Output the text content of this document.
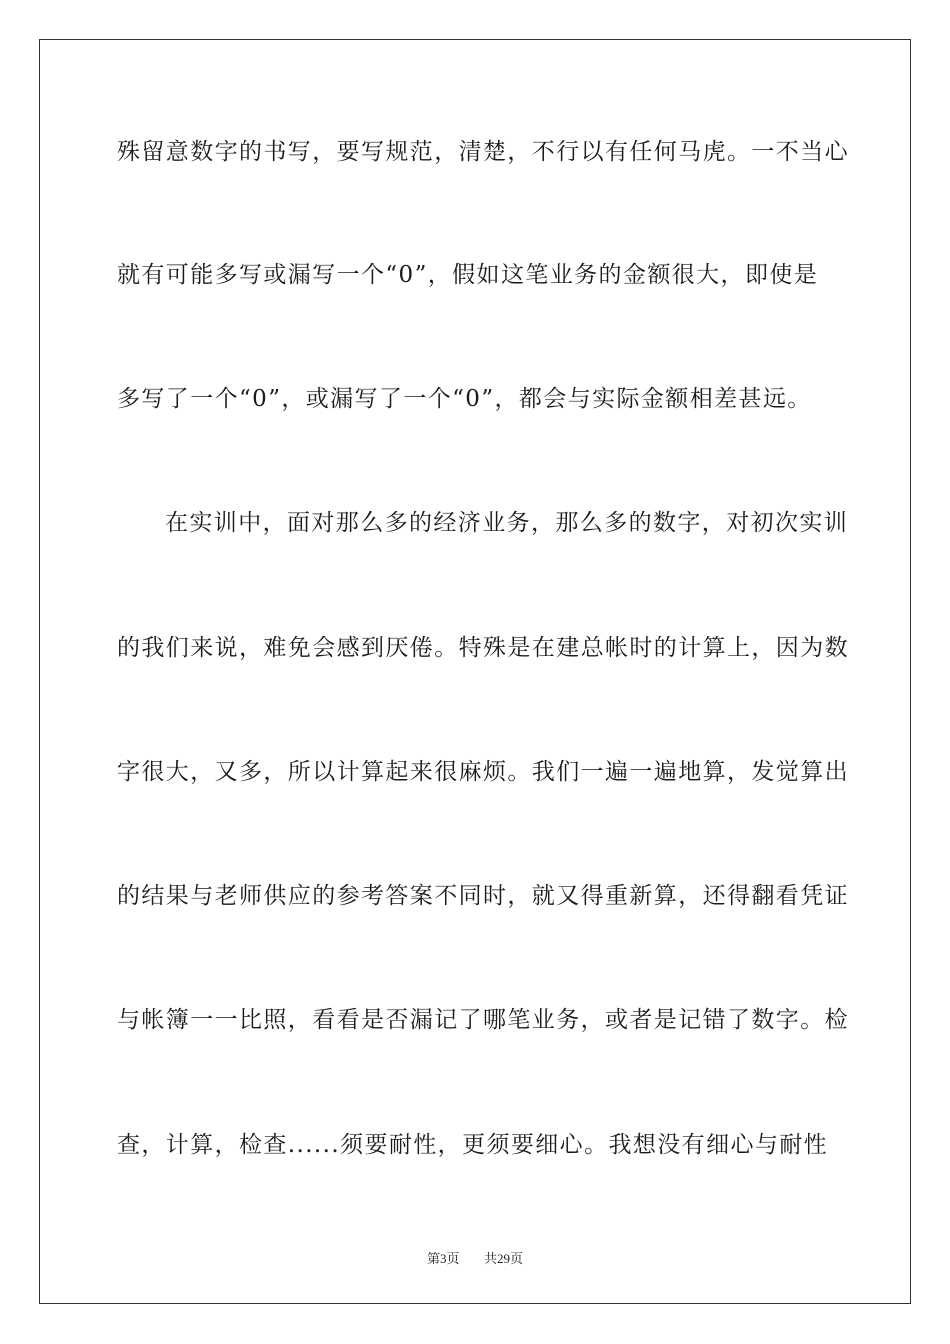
殊留意数字的书写，要写规范，清楚，不行以有任何马虎。一不当心
就有可能多写或漏写一个“0”，假如这笔业务的金额很大，即使是
多写了一个“0”，或漏写了一个“0”，都会与实际金额相差甚远。
在实训中，面对那么多的经济业务，那么多的数字，对初次实训
的我们来说，难免会感到厌倦。特殊是在建总帐时的计算上，因为数
字很大，又多，所以计算起来很麻烦。我们一遍一遍地算，发觉算出
的结果与老师供应的参考答案不同时，就又得重新算，还得翻看凭证
与帐簿一一比照，看看是否漏记了哪笔业务，或者是记错了数字。检
查，计算，检查......须要耐性，更须要细心。我想没有细心与耐性
第3页 共29页
